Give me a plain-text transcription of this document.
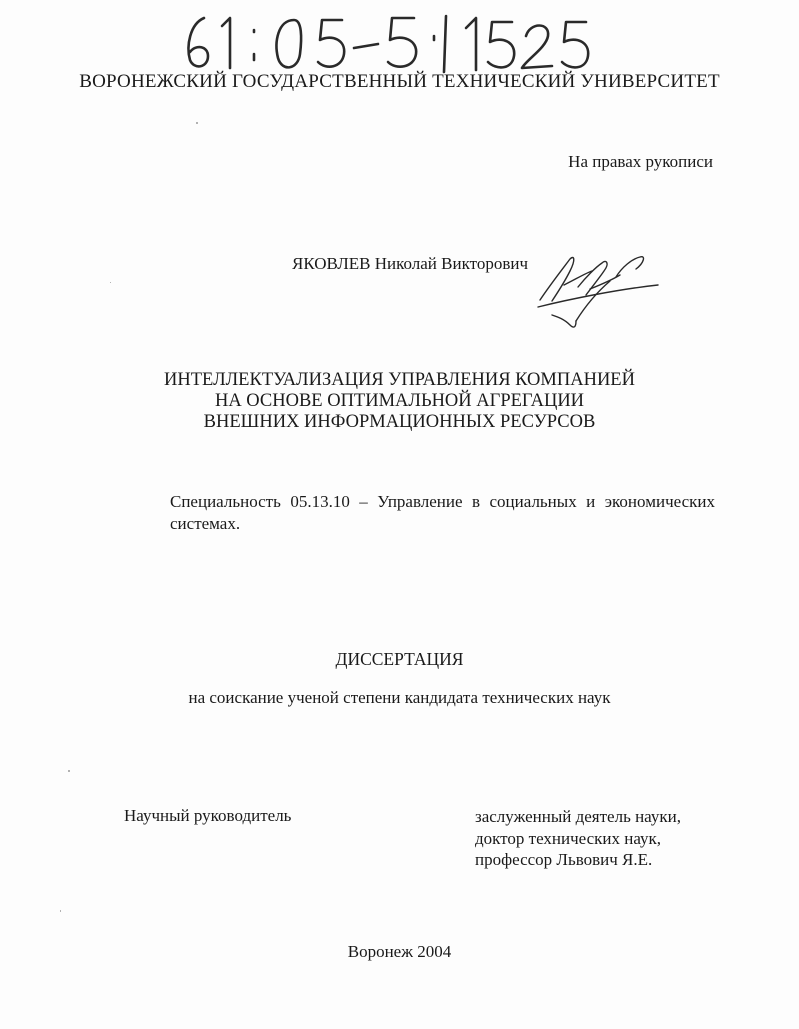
ВОРОНЕЖСКИЙ ГОСУДАРСТВЕННЫЙ ТЕХНИЧЕСКИЙ УНИВЕРСИТЕТ
На правах рукописи
ЯКОВЛЕВ Николай Викторович
ИНТЕЛЛЕКТУАЛИЗАЦИЯ УПРАВЛЕНИЯ КОМПАНИЕЙ
НА ОСНОВЕ ОПТИМАЛЬНОЙ АГРЕГАЦИИ
ВНЕШНИХ ИНФОРМАЦИОННЫХ РЕСУРСОВ
Специальность 05.13.10 – Управление в социальных и экономических системах.
ДИССЕРТАЦИЯ
на соискание ученой степени кандидата технических наук
Научный руководитель	заслуженный деятель науки,
доктор технических наук,
профессор Львович Я.Е.
Воронеж 2004
